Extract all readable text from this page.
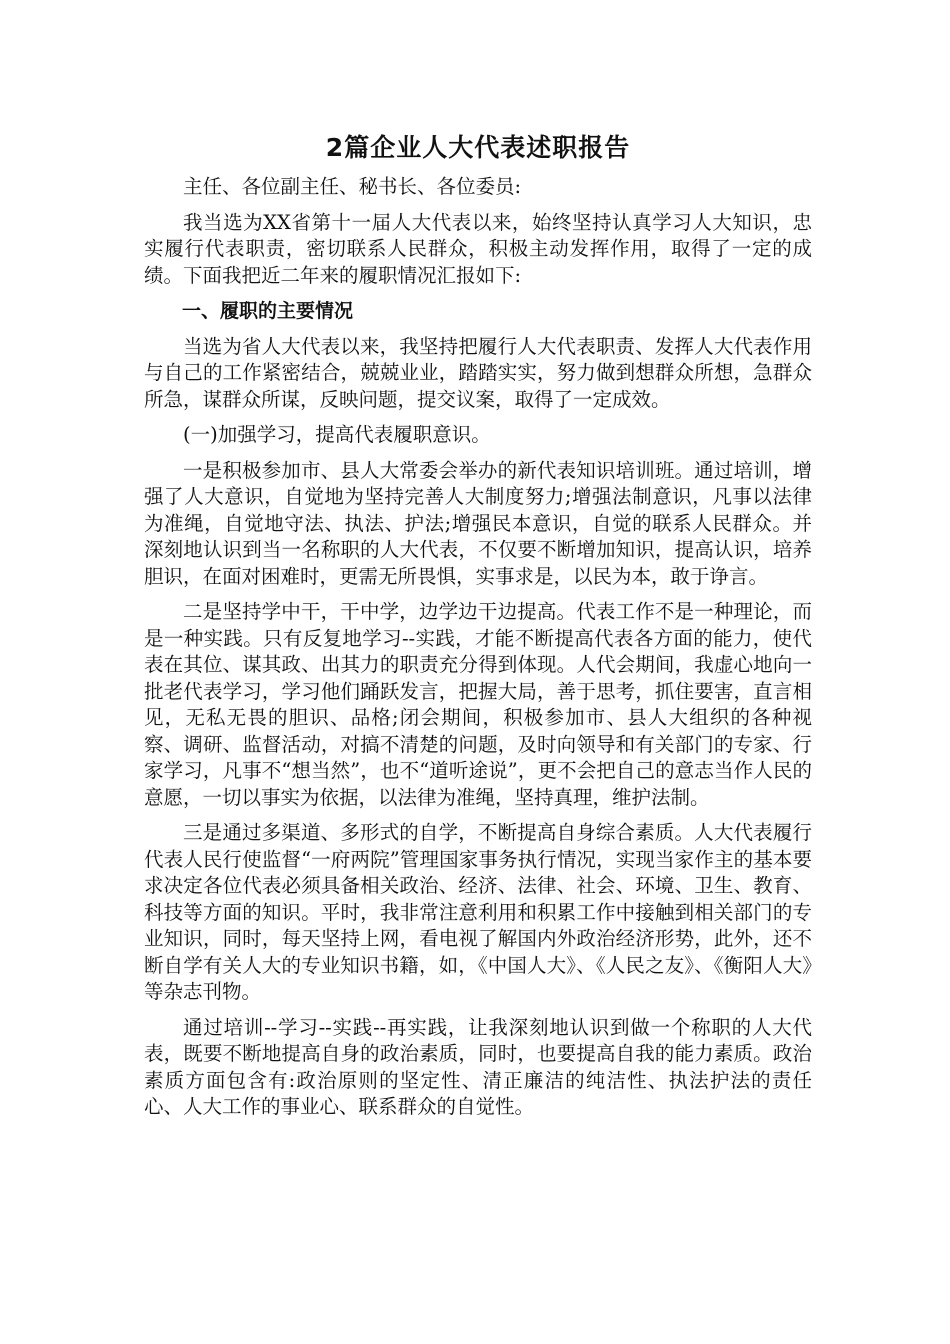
2篇企业人大代表述职报告

主任、各位副主任、秘书长、各位委员:

我当选为XX省第十一届人大代表以来，始终坚持认真学习人大知识，忠实履行代表职责，密切联系人民群众，积极主动发挥作用，取得了一定的成绩。下面我把近二年来的履职情况汇报如下:

一、履职的主要情况

当选为省人大代表以来，我坚持把履行人大代表职责、发挥人大代表作用与自己的工作紧密结合，兢兢业业，踏踏实实，努力做到想群众所想，急群众所急，谋群众所谋，反映问题，提交议案，取得了一定成效。

(一)加强学习，提高代表履职意识。

一是积极参加市、县人大常委会举办的新代表知识培训班。通过培训，增强了人大意识，自觉地为坚持完善人大制度努力;增强法制意识，凡事以法律为准绳，自觉地守法、执法、护法;增强民本意识，自觉的联系人民群众。并深刻地认识到当一名称职的人大代表，不仅要不断增加知识，提高认识，培养胆识，在面对困难时，更需无所畏惧，实事求是，以民为本，敢于诤言。

二是坚持学中干，干中学，边学边干边提高。代表工作不是一种理论，而是一种实践。只有反复地学习--实践，才能不断提高代表各方面的能力，使代表在其位、谋其政、出其力的职责充分得到体现。人代会期间，我虚心地向一批老代表学习，学习他们踊跃发言，把握大局，善于思考，抓住要害，直言相见，无私无畏的胆识、品格;闭会期间，积极参加市、县人大组织的各种视察、调研、监督活动，对搞不清楚的问题，及时向领导和有关部门的专家、行家学习，凡事不“想当然”，也不“道听途说”，更不会把自己的意志当作人民的意愿，一切以事实为依据，以法律为准绳，坚持真理，维护法制。

三是通过多渠道、多形式的自学，不断提高自身综合素质。人大代表履行代表人民行使监督“一府两院”管理国家事务执行情况，实现当家作主的基本要求决定各位代表必须具备相关政治、经济、法律、社会、环境、卫生、教育、科技等方面的知识。平时，我非常注意利用和积累工作中接触到相关部门的专业知识，同时，每天坚持上网，看电视了解国内外政治经济形势，此外，还不断自学有关人大的专业知识书籍，如，《中国人大》、《人民之友》、《衡阳人大》等杂志刊物。

通过培训--学习--实践--再实践，让我深刻地认识到做一个称职的人大代表，既要不断地提高自身的政治素质，同时，也要提高自我的能力素质。政治素质方面包含有:政治原则的坚定性、清正廉洁的纯洁性、执法护法的责任心、人大工作的事业心、联系群众的自觉性。
